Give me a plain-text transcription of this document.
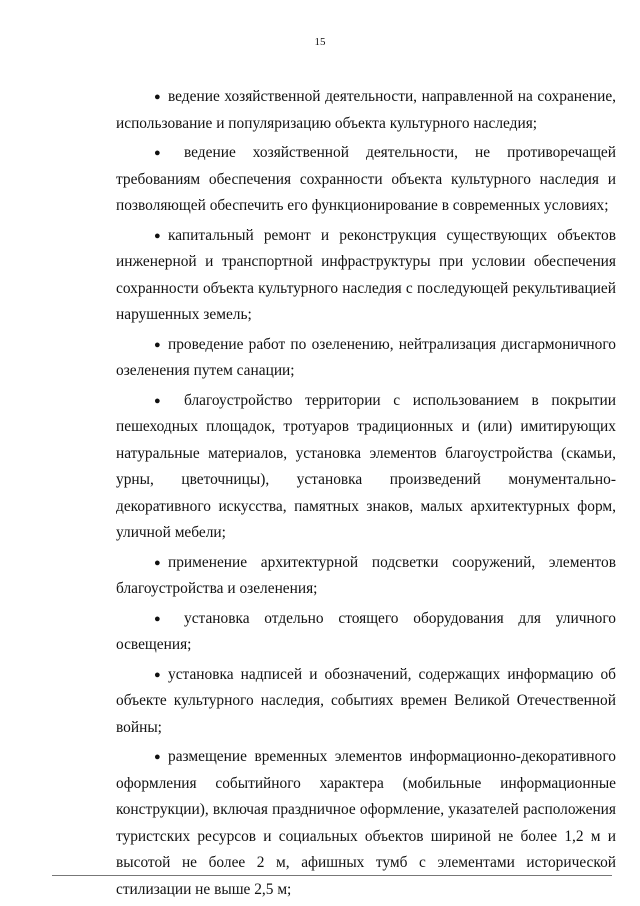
15

● ведение хозяйственной деятельности, направленной на сохранение, использование и популяризацию объекта культурного наследия;

● ведение хозяйственной деятельности, не противоречащей требованиям обеспечения сохранности объекта культурного наследия и позволяющей обеспечить его функционирование в современных условиях;

● капитальный ремонт и реконструкция существующих объектов инженерной и транспортной инфраструктуры при условии обеспечения сохранности объекта культурного наследия с последующей рекультивацией нарушенных земель;

● проведение работ по озеленению, нейтрализация дисгармоничного озеленения путем санации;

● благоустройство территории с использованием в покрытии пешеходных площадок, тротуаров традиционных и (или) имитирующих натуральные материалов, установка элементов благоустройства (скамьи, урны, цветочницы), установка произведений монументально-декоративного искусства, памятных знаков, малых архитектурных форм, уличной мебели;

● применение архитектурной подсветки сооружений, элементов благоустройства и озеленения;

● установка отдельно стоящего оборудования для уличного освещения;

● установка надписей и обозначений, содержащих информацию об объекте культурного наследия, событиях времен Великой Отечественной войны;

● размещение временных элементов информационно-декоративного оформления событийного характера (мобильные информационные конструкции), включая праздничное оформление, указателей расположения туристских ресурсов и социальных объектов шириной не более 1,2 м и высотой не более 2 м, афишных тумб с элементами исторической стилизации не выше 2,5 м;
